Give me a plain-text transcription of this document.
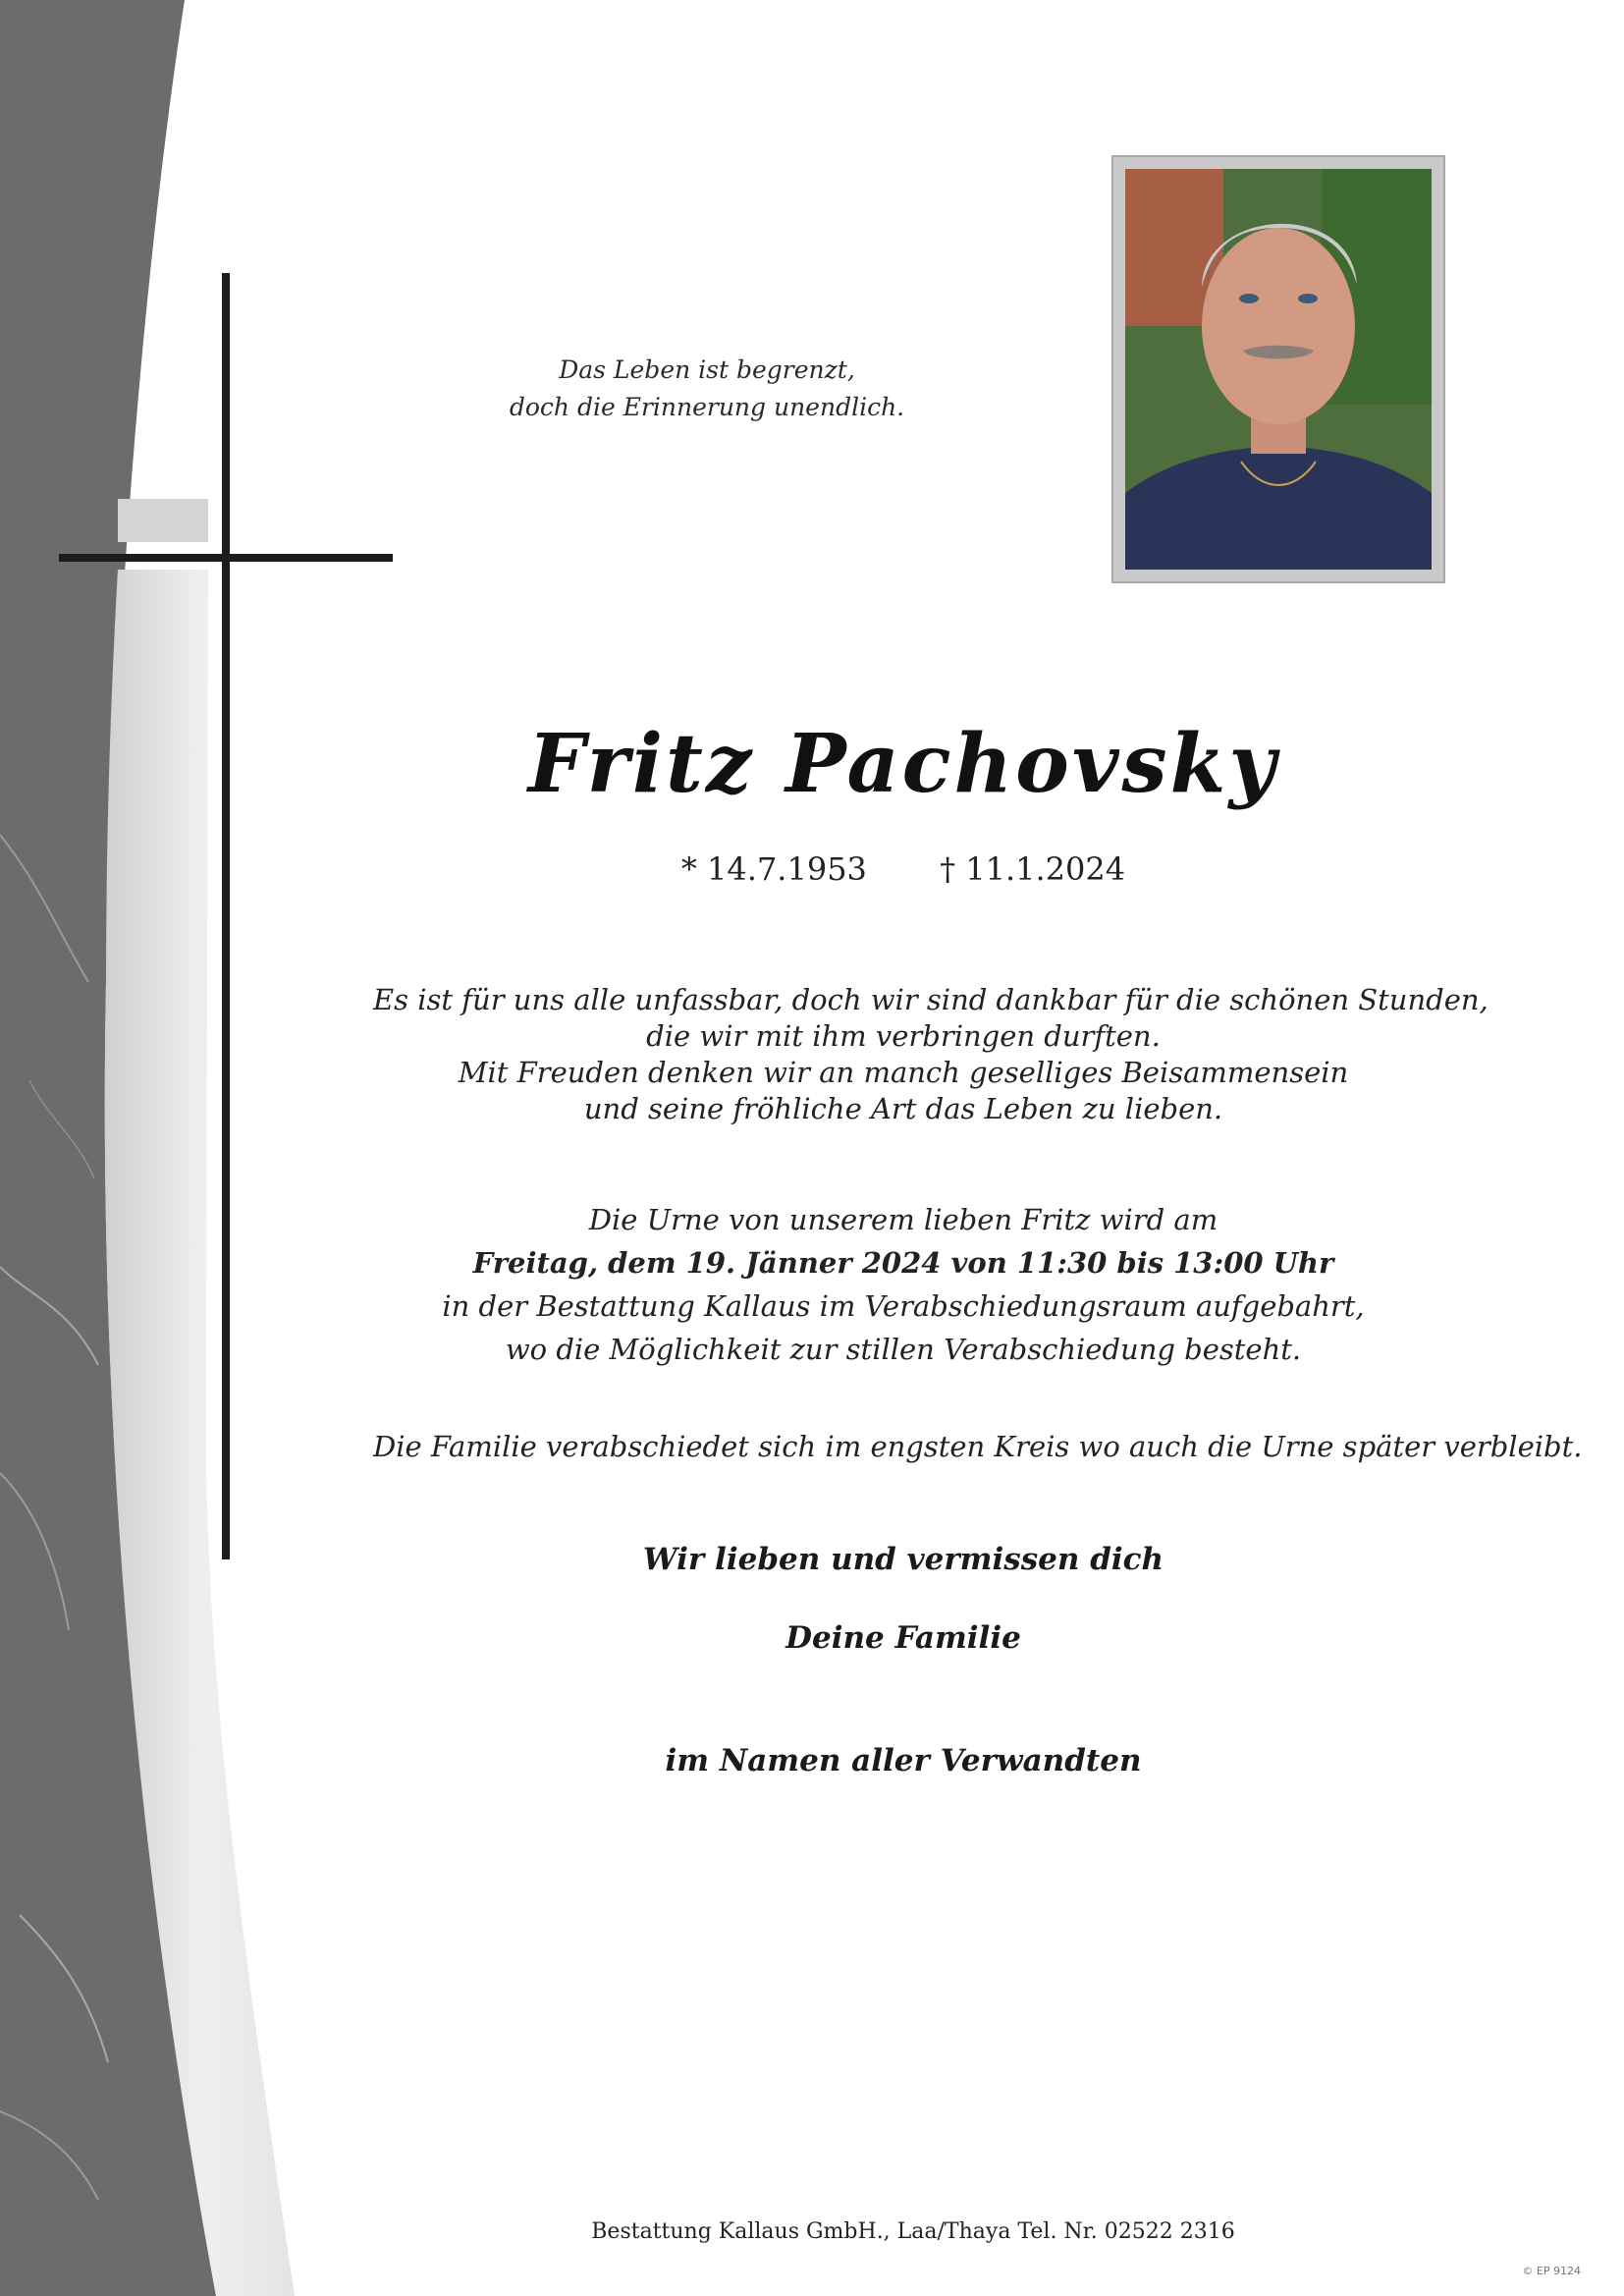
Das Leben ist begrenzt,
doch die Erinnerung unendlich.
Fritz Pachovsky
* 14.7.1953 † 11.1.2024
Es ist für uns alle unfassbar, doch wir sind dankbar für die schönen Stunden,
die wir mit ihm verbringen durften.
Mit Freuden denken wir an manch geselliges Beisammensein
und seine fröhliche Art das Leben zu lieben.
Die Urne von unserem lieben Fritz wird am
Freitag, dem 19. Jänner 2024 von 11:30 bis 13:00 Uhr
in der Bestattung Kallaus im Verabschiedungsraum aufgebahrt,
wo die Möglichkeit zur stillen Verabschiedung besteht.
Die Familie verabschiedet sich im engsten Kreis wo auch die Urne später verbleibt.
Wir lieben und vermissen dich
Deine Familie
im Namen aller Verwandten
Bestattung Kallaus GmbH., Laa/Thaya Tel. Nr. 02522 2316
© EP 9124
